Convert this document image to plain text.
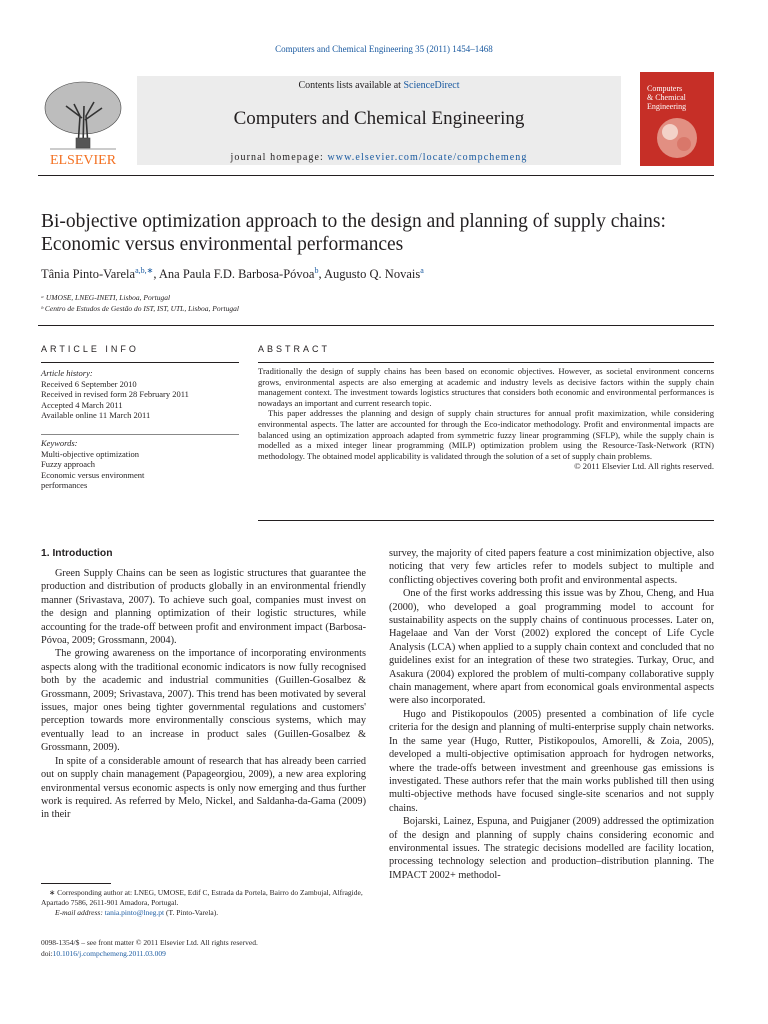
Computers and Chemical Engineering 35 (2011) 1454–1468
ELSEVIER
Contents lists available at ScienceDirect
Computers and Chemical Engineering
journal homepage: www.elsevier.com/locate/compchemeng
Computers
& Chemical
Engineering
Bi-objective optimization approach to the design and planning of supply chains: Economic versus environmental performances
Tânia Pinto-Varela$^{a,b,∗}$, Ana Paula F.D. Barbosa-Póvoa$^b$, Augusto Q. Novais$^a$
ᵃ UMOSE, LNEG-INETI, Lisboa, Portugal
ᵇ Centro de Estudos de Gestão do IST, IST, UTL, Lisboa, Portugal
ARTICLE INFO	ABSTRACT
Article history:
Received 6 September 2010
Received in revised form 28 February 2011
Accepted 4 March 2011
Available online 11 March 2011
Keywords:
Multi-objective optimization
Fuzzy approach
Economic versus environment
performances

Traditionally the design of supply chains has been based on economic objectives. However, as societal environment concerns grows, environmental aspects are also emerging at academic and industry levels as decisive factors within the supply chain management context. The investment towards logistics structures that considers both economic and environmental performances is nowadays an important and current research topic.

This paper addresses the planning and design of supply chain structures for annual profit maximization, while considering environmental aspects. The latter are accounted for through the Eco-indicator methodology. Profit and environmental impacts are balanced using an optimization approach adapted from symmetric fuzzy linear programming (SFLP), while the supply chain is modelled as a mixed integer linear programming (MILP) optimization problem using the Resource-Task-Network (RTN) methodology. The obtained model applicability is validated through the solution of a set of supply chain problems.

© 2011 Elsevier Ltd. All rights reserved.

1. Introduction

Green Supply Chains can be seen as logistic structures that guarantee the production and distribution of products globally in an environmental friendly manner (Srivastava, 2007). To achieve such goal, companies must invest on the design and planning optimization of their logistic structures, while accounting for the trade-off between profit and environment impact (Barbosa-Póvoa, 2009; Grossmann, 2004).

The growing awareness on the importance of incorporating environments aspects along with the traditional economic indicators is now fully recognised both by the academic and industrial communities (Guillen-Gosalbez & Grossmann, 2009; Srivastava, 2007). This trend has been motivated by several issues, major ones being tighter governmental regulations and customers' perception towards more environmentally conscious systems, which may eventually lead to an increase in product sales (Guillen-Gosalbez & Grossmann, 2009).

In spite of a considerable amount of research that has already been carried out on supply chain management (Papageorgiou, 2009), a new area exploring environmental versus economic aspects is only now emerging and thus further work is required. As referred by Melo, Nickel, and Saldanha-da-Gama (2009) in their

survey, the majority of cited papers feature a cost minimization objective, also noticing that very few articles refer to models subject to multiple and conflicting objectives covering both profit and environmental aspects.

One of the first works addressing this issue was by Zhou, Cheng, and Hua (2000), who developed a goal programming model to account for sustainability aspects on the supply chains of continuous processes. Later on, Hagelaae and Van der Vorst (2002) explored the concept of Life Cycle Analysis (LCA) when applied to a supply chain context and concluded that no guidelines exist for an integration of these two strategies. Turkay, Oruc, and Asakura (2004) explored the problem of multi-company collaborative supply chain management, where apart from economical goals environmental aspects were also incorporated.

Hugo and Pistikopoulos (2005) presented a combination of life cycle criteria for the design and planning of multi-enterprise supply chain networks. In the same year (Hugo, Rutter, Pistikopoulos, Amorelli, & Zoia, 2005), developed a multi-objective optimisation approach for hydrogen networks, where the trade-offs between investment and greenhouse gas emissions is investigated. These authors refer that the main works published till then using multi-objective methods have focused single-site scenarios and not supply chains.

Bojarski, Lainez, Espuna, and Puigjaner (2009) addressed the optimization of the design and planning of supply chains considering economic and environmental issues. The strategic decisions modelled are facility location, processing technology selection and production–distribution planning. The IMPACT 2002+ methodol-

∗ Corresponding author at: LNEG, UMOSE, Edif C, Estrada da Portela, Bairro do Zambujal, Alfragide, Apartado 7586, 2611-901 Amadora, Portugal.

E-mail address: tania.pinto@lneg.pt (T. Pinto-Varela).

0098-1354/$ – see front matter © 2011 Elsevier Ltd. All rights reserved.
doi:10.1016/j.compchemeng.2011.03.009
